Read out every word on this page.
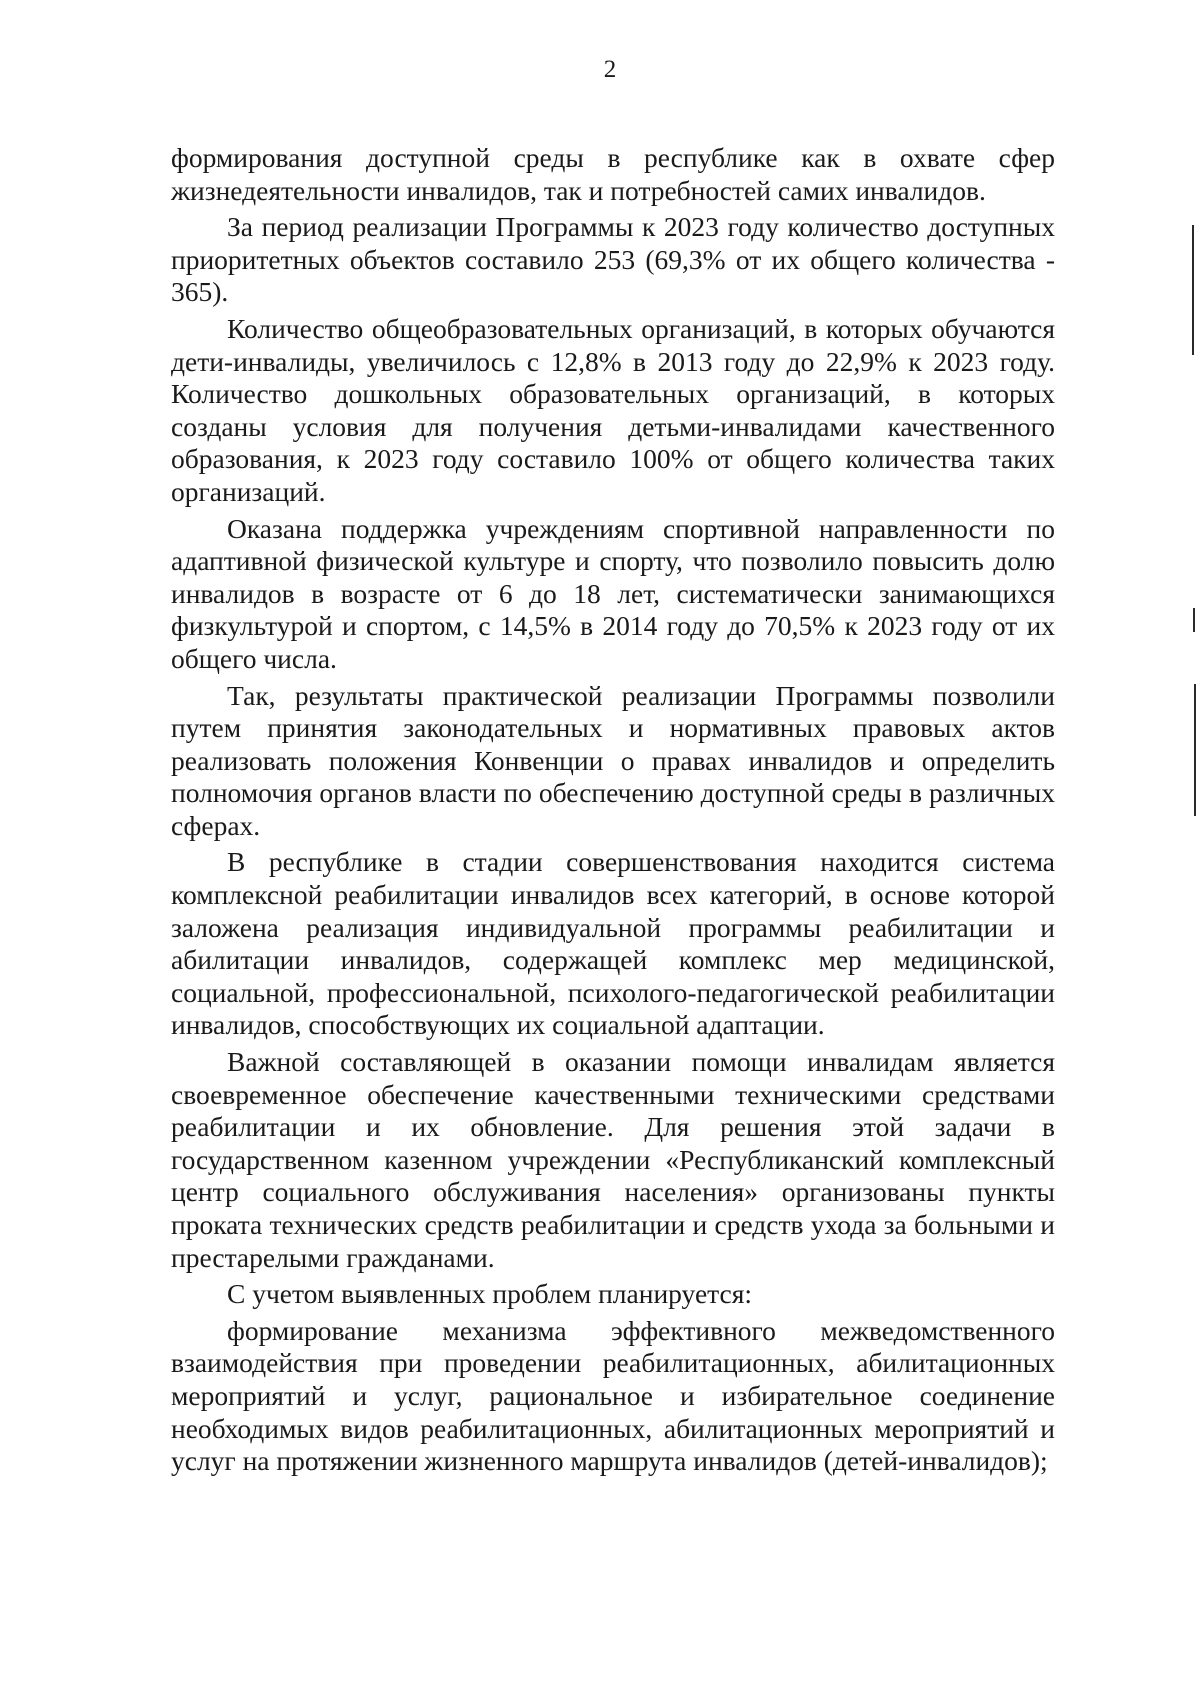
2

формирования доступной среды в республике как в охвате сфер жизнедеятельности инвалидов, так и потребностей самих инвалидов.

За период реализации Программы к 2023 году количество доступных приоритетных объектов составило 253 (69,3% от их общего количества - 365).

Количество общеобразовательных организаций, в которых обучаются дети-инвалиды, увеличилось с 12,8% в 2013 году до 22,9% к 2023 году. Количество дошкольных образовательных организаций, в которых созданы условия для получения детьми-инвалидами качественного образования, к 2023 году составило 100% от общего количества таких организаций.

Оказана поддержка учреждениям спортивной направленности по адаптивной физической культуре и спорту, что позволило повысить долю инвалидов в возрасте от 6 до 18 лет, систематически занимающихся физкультурой и спортом, с 14,5% в 2014 году до 70,5% к 2023 году от их общего числа.

Так, результаты практической реализации Программы позволили путем принятия законодательных и нормативных правовых актов реализовать положения Конвенции о правах инвалидов и определить полномочия органов власти по обеспечению доступной среды в различных сферах.

В республике в стадии совершенствования находится система комплексной реабилитации инвалидов всех категорий, в основе которой заложена реализация индивидуальной программы реабилитации и абилитации инвалидов, содержащей комплекс мер медицинской, социальной, профессиональной, психолого-педагогической реабилитации инвалидов, способствующих их социальной адаптации.

Важной составляющей в оказании помощи инвалидам является своевременное обеспечение качественными техническими средствами реабилитации и их обновление. Для решения этой задачи в государственном казенном учреждении «Республиканский комплексный центр социального обслуживания населения» организованы пункты проката технических средств реабилитации и средств ухода за больными и престарелыми гражданами.

С учетом выявленных проблем планируется:

формирование механизма эффективного межведомственного взаимодействия при проведении реабилитационных, абилитационных мероприятий и услуг, рациональное и избирательное соединение необходимых видов реабилитационных, абилитационных мероприятий и услуг на протяжении жизненного маршрута инвалидов (детей-инвалидов);
